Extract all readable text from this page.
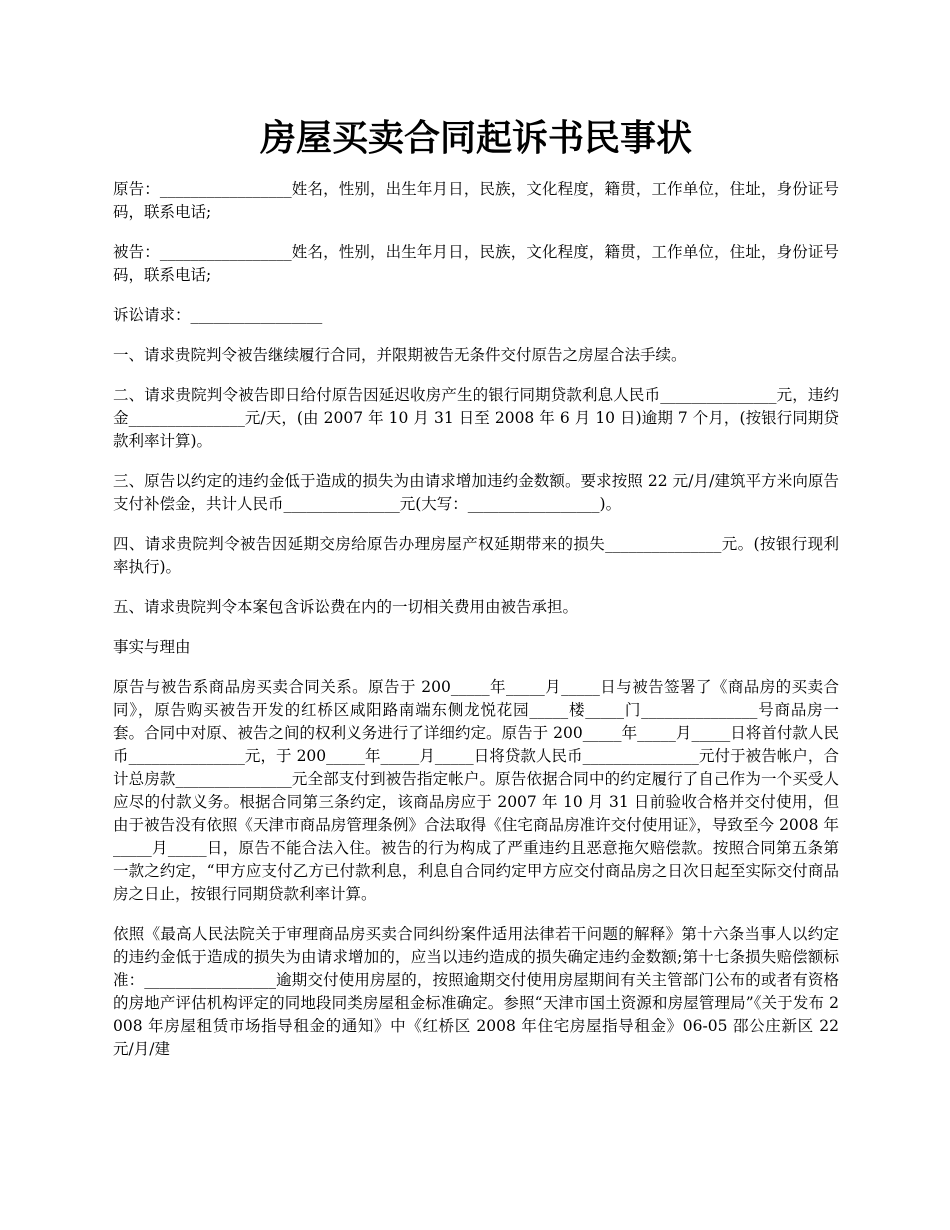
房屋买卖合同起诉书民事状

原告：_________________姓名，性别，出生年月日，民族，文化程度，籍贯，工作单位，住址，身份证号码，联系电话;

被告：_________________姓名，性别，出生年月日，民族，文化程度，籍贯，工作单位，住址，身份证号码，联系电话;

诉讼请求：_________________

一、请求贵院判令被告继续履行合同，并限期被告无条件交付原告之房屋合法手续。

二、请求贵院判令被告即日给付原告因延迟收房产生的银行同期贷款利息人民币_______________元，违约金_______________元/天，(由 2007 年 10 月 31 日至 2008 年 6 月 10 日)逾期 7 个月，(按银行同期贷款利率计算)。

三、原告以约定的违约金低于造成的损失为由请求增加违约金数额。要求按照 22 元/月/建筑平方米向原告支付补偿金，共计人民币_______________元(大写：_________________)。

四、请求贵院判令被告因延期交房给原告办理房屋产权延期带来的损失_______________元。(按银行现利率执行)。

五、请求贵院判令本案包含诉讼费在内的一切相关费用由被告承担。

事实与理由

原告与被告系商品房买卖合同关系。原告于 200_____年_____月_____日与被告签署了《商品房的买卖合同》，原告购买被告开发的红桥区咸阳路南端东侧龙悦花园_____楼_____门_______________号商品房一套。合同中对原、被告之间的权利义务进行了详细约定。原告于 200_____年_____月_____日将首付款人民币_______________元，于 200_____年_____月_____日将贷款人民币_______________元付于被告帐户，合计总房款_______________元全部支付到被告指定帐户。原告依据合同中的约定履行了自己作为一个买受人应尽的付款义务。根据合同第三条约定，该商品房应于 2007 年 10 月 31 日前验收合格并交付使用，但由于被告没有依照《天津市商品房管理条例》合法取得《住宅商品房准许交付使用证》，导致至今 2008 年_____月_____日，原告不能合法入住。被告的行为构成了严重违约且恶意拖欠赔偿款。按照合同第五条第一款之约定，“甲方应支付乙方已付款利息，利息自合同约定甲方应交付商品房之日次日起至实际交付商品房之日止，按银行同期贷款利率计算。

依照《最高人民法院关于审理商品房买卖合同纠纷案件适用法律若干问题的解释》第十六条当事人以约定的违约金低于造成的损失为由请求增加的，应当以违约造成的损失确定违约金数额;第十七条损失赔偿额标准：_________________逾期交付使用房屋的，按照逾期交付使用房屋期间有关主管部门公布的或者有资格的房地产评估机构评定的同地段同类房屋租金标准确定。参照“天津市国土资源和房屋管理局”《关于发布 2008 年房屋租赁市场指导租金的通知》中《红桥区 2008 年住宅房屋指导租金》06-05 邵公庄新区 22 元/月/建
